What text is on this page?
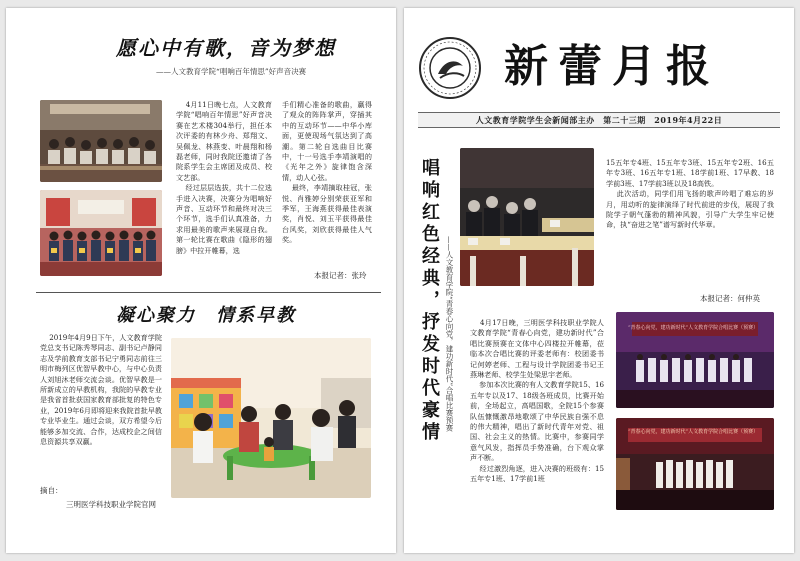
愿心中有歌，音为梦想
——人文教育学院“唱响百年情思”好声音决赛

4月11日晚七点，人文教育学院“唱响百年情思”好声音决赛在艺术楼304举行，担任本次评委的有林少舟、郑翔文、吴佩龙、林燕变、叶晨翔和杨磊老师，同时我院还邀请了各院系学生会主席团及成员、校文艺部。
经过层层选拔，共十二位选手进入决赛，决赛分为唱响好声音、互动环节和最终对决三个环节，选手们认真准备，力求用最美的歌声来展现自我。第一轮比赛在歌曲《隐形的翅膀》中拉开帷幕，选

手们精心准备的歌曲，赢得了观众的阵阵掌声，穿插其中的互动环节——中华小库面，更使现场气氛达到了高潮。第二轮自选曲目比赛中，十一号选手李靖演唱的《光年之外》旋律饱含深情，动人心弦。
最终，李靖摘取桂冠，张悦、肖雅婷分别荣获亚军和季军，王海燕获得最佳表演奖，肖悦、刘玉平获得最佳台风奖，刘欣获得最佳人气奖。

本报记者：张玲
凝心聚力　情系早教

2019年4月9日下午，人文教育学院党总支书记陈秀琴同志、副书记卢静同志及学前教育支部书记宁勇同志前往三明市梅列区优智早教中心，与中心负责人刘旭沐老师交流会谈。优智早教是一所新成立的早教机构，我院的早教专业是我省首批获国家教育部批复的特色专业，2019年6月即将迎来我院首批早教专业毕业生。通过会谈，双方希望今后能够多加交流、合作，达成校企之间信息资源共享双赢。

摘自：
三明医学科技职业学院官网
新蕾月报
人文教育学院学生会新闻部主办　第二十三期　2019年4月22日
唱响红色经典，抒发时代豪情 ——人文教育学院“青春心向党，建功新时代”合唱比赛预赛

15五年专4班、15五年专3班、15五年专2班、16五年专3班、16五年专1班、18学前1班、17早教、18学前3班、17学前3班以及18高铁。
此次活动，同学们用飞扬的歌声吟唱了难忘的岁月，用动听的旋律演绎了时代前进的步伐，展现了我院学子朝气蓬勃的精神风貌，引导广大学生牢记使命，执“奋进之笔”谱写新时代华章。

本报记者：何仲英

4月17日晚，三明医学科技职业学院人文教育学院“青春心向党，建功新时代”合唱比赛预赛在文体中心四楼拉开帷幕，莅临本次合唱比赛的评委老师有：校团委书记何婷老师、工程与设计学院团委书记王燕琳老师、校学生处梁思宇老师。
参加本次比赛的有人文教育学院15、16五年专以及17、18级各班成员，比赛开始前，全场起立，高唱国歌，全院15个参赛队伍慷慨激昂地歌颂了中华民族自强不息的伟大精神，唱出了新时代青年对党、祖国、社会主义的热情。比赛中，参赛同学意气风发，指挥员手势准确，台下观众掌声不断。
经过激烈角逐，进入决赛的班级有：15五年专1班、17学前1班

“青春心向党，建功新时代”人文教育学院合唱比赛（预赛）
“青春心向党，建功新时代”人文教育学院合唱比赛（预赛）
